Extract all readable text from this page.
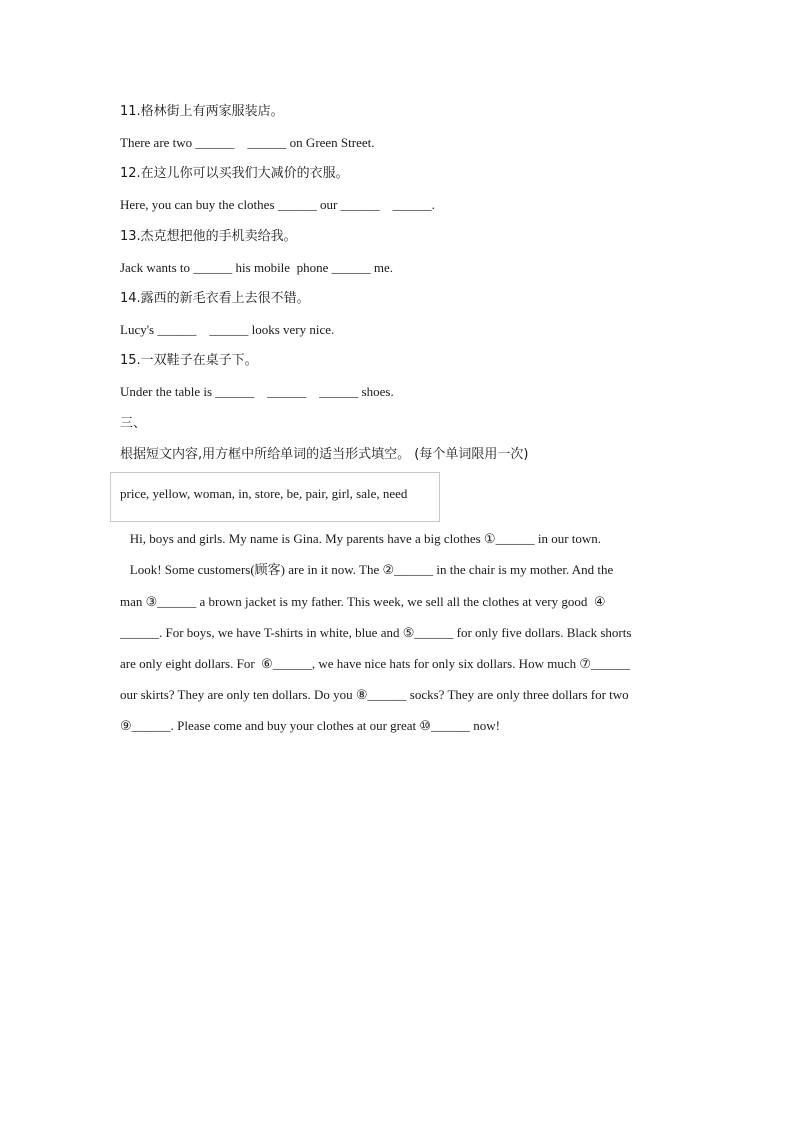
11.格林街上有两家服装店。
There are two ______    ______ on Green Street.
12.在这儿你可以买我们大减价的衣服。
Here, you can buy the clothes ______ our ______    ______.
13.杰克想把他的手机卖给我。
Jack wants to ______ his mobile  phone ______ me.
14.露西的新毛衣看上去很不错。
Lucy's ______    ______ looks very nice.
15.一双鞋子在桌子下。
Under the table is ______    ______    ______ shoes.
三、
根据短文内容,用方框中所给单词的适当形式填空。 (每个单词限用一次)
price, yellow, woman, in, store, be, pair, girl, sale, need
Hi, boys and girls. My name is Gina. My parents have a big clothes ①______ in our town.
Look! Some customers(顾客) are in it now. The ②______ in the chair is my mother. And the
man ③______ a brown jacket is my father. This week, we sell all the clothes at very good  ④
______. For boys, we have T-shirts in white, blue and ⑤______ for only five dollars. Black shorts
are only eight dollars. For  ⑥______, we have nice hats for only six dollars. How much ⑦______
our skirts? They are only ten dollars. Do you ⑧______ socks? They are only three dollars for two
⑨______. Please come and buy your clothes at our great ⑩______ now!
